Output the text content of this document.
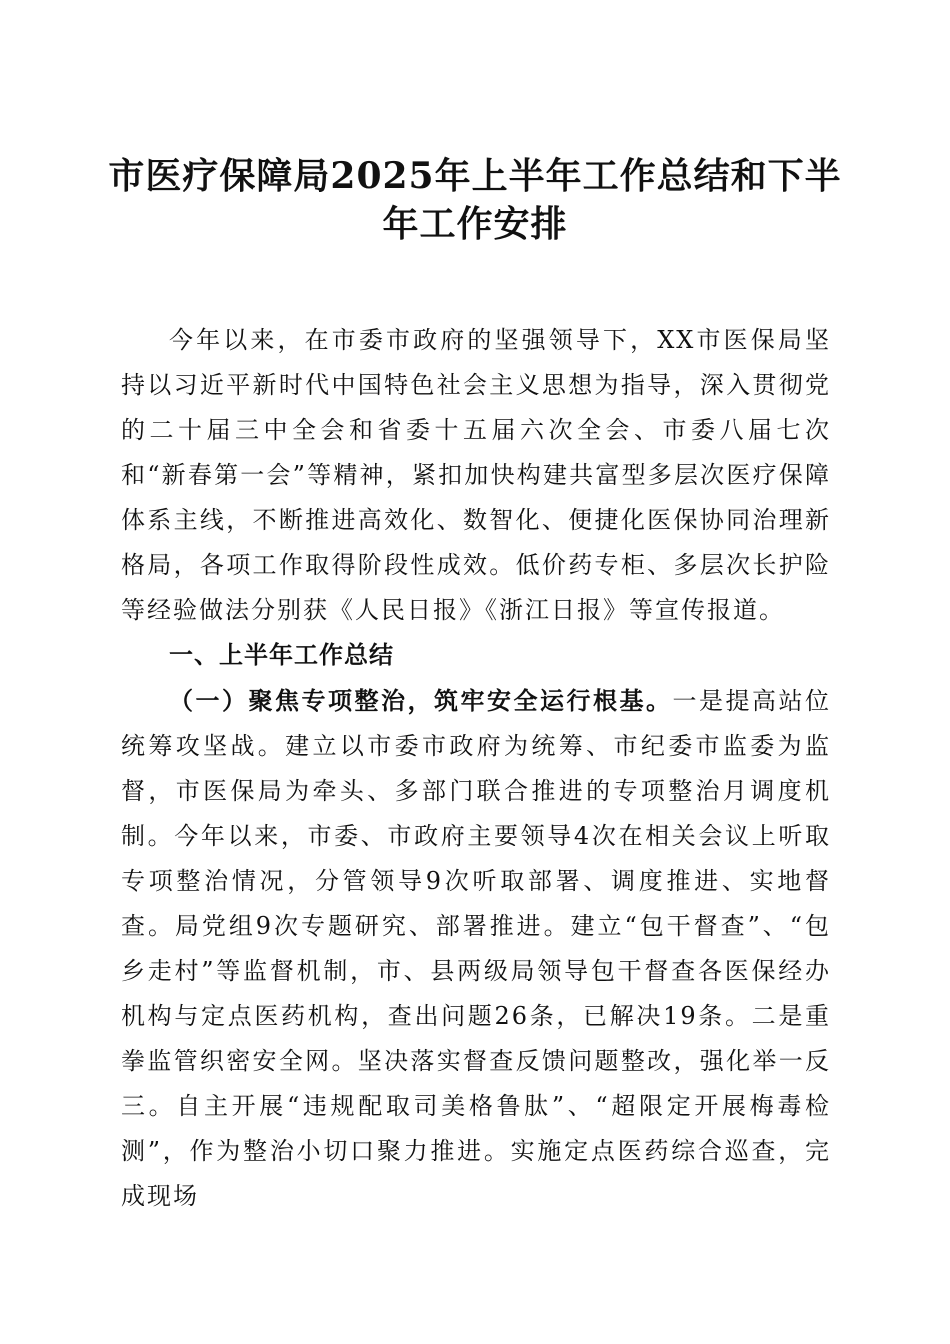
市医疗保障局2025年上半年工作总结和下半年工作安排

今年以来，在市委市政府的坚强领导下，XX市医保局坚持以习近平新时代中国特色社会主义思想为指导，深入贯彻党的二十届三中全会和省委十五届六次全会、市委八届七次和“新春第一会”等精神，紧扣加快构建共富型多层次医疗保障体系主线，不断推进高效化、数智化、便捷化医保协同治理新格局，各项工作取得阶段性成效。低价药专柜、多层次长护险等经验做法分别获《人民日报》《浙江日报》等宣传报道。

一、上半年工作总结

（一）聚焦专项整治，筑牢安全运行根基。一是提高站位统筹攻坚战。建立以市委市政府为统筹、市纪委市监委为监督，市医保局为牵头、多部门联合推进的专项整治月调度机制。今年以来，市委、市政府主要领导4次在相关会议上听取专项整治情况，分管领导9次听取部署、调度推进、实地督查。局党组9次专题研究、部署推进。建立“包干督查”、“包乡走村”等监督机制，市、县两级局领导包干督查各医保经办机构与定点医药机构，查出问题26条，已解决19条。二是重拳监管织密安全网。坚决落实督查反馈问题整改，强化举一反三。自主开展“违规配取司美格鲁肽”、“超限定开展梅毒检测”，作为整治小切口聚力推进。实施定点医药综合巡查，完成现场
